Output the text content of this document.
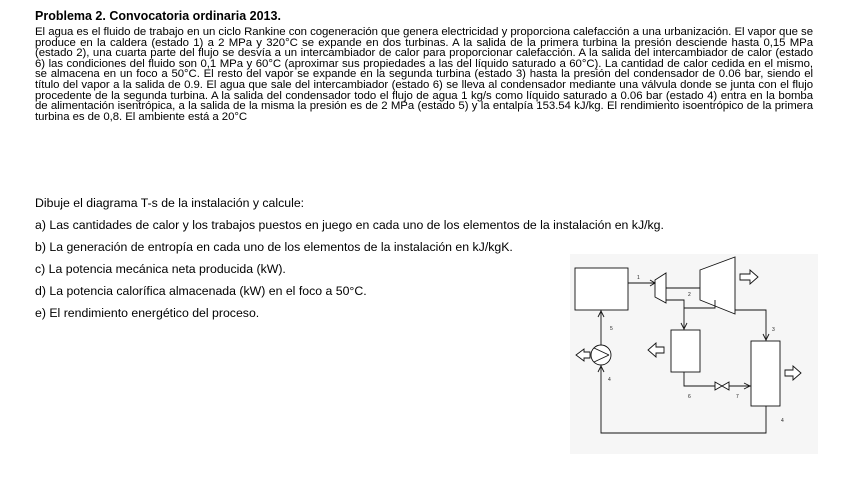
Problema 2. Convocatoria ordinaria 2013.
El agua es el fluido de trabajo en un ciclo Rankine con cogeneración que genera electricidad y proporciona calefacción a una urbanización. El vapor que se produce en la caldera (estado 1) a 2 MPa y 320°C se expande en dos turbinas. A la salida de la primera turbina la presión desciende hasta 0,15 MPa (estado 2), una cuarta parte del flujo se desvía a un intercambiador de calor para proporcionar calefacción. A la salida del intercambiador de calor (estado 6) las condiciones del fluido son 0,1 MPa y 60°C (aproximar sus propiedades a las del líquido saturado a 60°C). La cantidad de calor cedida en el mismo, se almacena en un foco a 50°C. El resto del vapor se expande en la segunda turbina (estado 3) hasta la presión del condensador de 0.06 bar, siendo el título del vapor a la salida de 0.9. El agua que sale del intercambiador (estado 6) se lleva al condensador mediante una válvula donde se junta con el flujo procedente de la segunda turbina. A la salida del condensador todo el flujo de agua 1 kg/s como líquido saturado a 0.06 bar (estado 4) entra en la bomba de alimentación isentrópica, a la salida de la misma la presión es de 2 MPa (estado 5) y la entalpía 153.54 kJ/kg. El rendimiento isoentrópico de la primera turbina es de 0,8. El ambiente está a 20°C
Dibuje el diagrama T-s de la instalación y calcule:
a) Las cantidades de calor y los trabajos puestos en juego en cada uno de los elementos de la instalación en kJ/kg.
b) La generación de entropía en cada uno de los elementos de la instalación en kJ/kgK.
c) La potencia mecánica neta producida (kW).
d) La potencia calorífica almacenada (kW) en el foco a 50°C.
e) El rendimiento energético del proceso.
1
2
3
4
5
6	7
4
